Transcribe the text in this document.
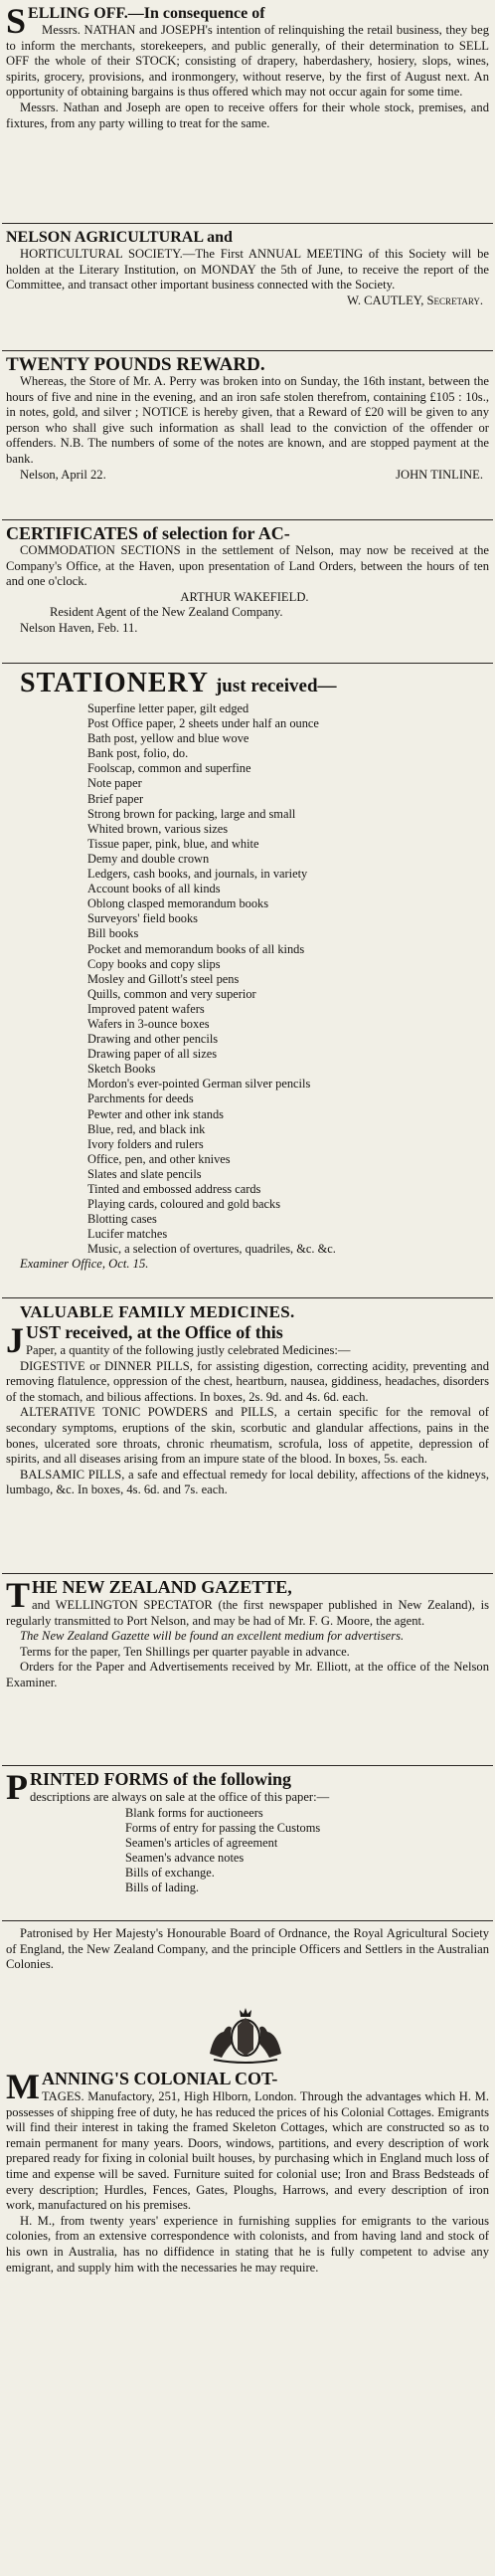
SELLING OFF.—In consequence of

Messrs. NATHAN and JOSEPH's intention of relinquishing the retail business, they beg to inform the merchants, storekeepers, and public generally, of their determination to SELL OFF the whole of their STOCK; consisting of drapery, haberdashery, hosiery, slops, wines, spirits, grocery, provisions, and ironmongery, without reserve, by the first of August next. An opportunity of obtaining bargains is thus offered which may not occur again for some time.

Messrs. Nathan and Joseph are open to receive offers for their whole stock, premises, and fixtures, from any party willing to treat for the same.

NELSON AGRICULTURAL and

HORTICULTURAL SOCIETY.—The First ANNUAL MEETING of this Society will be holden at the Literary Institution, on MONDAY the 5th of June, to receive the report of the Committee, and transact other important business connected with the Society.

W. CAUTLEY, Secretary.

TWENTY POUNDS REWARD.

Whereas, the Store of Mr. A. Perry was broken into on Sunday, the 16th instant, between the hours of five and nine in the evening, and an iron safe stolen therefrom, containing £105 : 10s., in notes, gold, and silver ; NOTICE is hereby given, that a Reward of £20 will be given to any person who shall give such information as shall lead to the conviction of the offender or offenders. N.B. The numbers of some of the notes are known, and are stopped payment at the bank.

Nelson, April 22.	JOHN TINLINE.

CERTIFICATES of selection for AC-

COMMODATION SECTIONS in the settlement of Nelson, may now be received at the Company's Office, at the Haven, upon presentation of Land Orders, between the hours of ten and one o'clock.

ARTHUR WAKEFIELD.

Resident Agent of the New Zealand Company.

Nelson Haven, Feb. 11.

STATIONERY just received—

Superfine letter paper, gilt edged
Post Office paper, 2 sheets under half an ounce
Bath post, yellow and blue wove
Bank post, folio, do.
Foolscap, common and superfine
Note paper
Brief paper
Strong brown for packing, large and small
Whited brown, various sizes
Tissue paper, pink, blue, and white
Demy and double crown
Ledgers, cash books, and journals, in variety
Account books of all kinds
Oblong clasped memorandum books
Surveyors' field books
Bill books
Pocket and memorandum books of all kinds
Copy books and copy slips
Mosley and Gillott's steel pens
Quills, common and very superior
Improved patent wafers
Wafers in 3-ounce boxes
Drawing and other pencils
Drawing paper of all sizes
Sketch Books
Mordon's ever-pointed German silver pencils
Parchments for deeds
Pewter and other ink stands
Blue, red, and black ink
Ivory folders and rulers
Office, pen, and other knives
Slates and slate pencils
Tinted and embossed address cards
Playing cards, coloured and gold backs
Blotting cases
Lucifer matches
Music, a selection of overtures, quadriles, &c. &c.

Examiner Office, Oct. 15.

VALUABLE FAMILY MEDICINES.

JUST received, at the Office of this

Paper, a quantity of the following justly celebrated Medicines:—

DIGESTIVE or DINNER PILLS, for assisting digestion, correcting acidity, preventing and removing flatulence, oppression of the chest, heartburn, nausea, giddiness, headaches, disorders of the stomach, and bilious affections. In boxes, 2s. 9d. and 4s. 6d. each.

ALTERATIVE TONIC POWDERS and PILLS, a certain specific for the removal of secondary symptoms, eruptions of the skin, scorbutic and glandular affections, pains in the bones, ulcerated sore throats, chronic rheumatism, scrofula, loss of appetite, depression of spirits, and all diseases arising from an impure state of the blood. In boxes, 5s. each.

BALSAMIC PILLS, a safe and effectual remedy for local debility, affections of the kidneys, lumbago, &c. In boxes, 4s. 6d. and 7s. each.

THE NEW ZEALAND GAZETTE,

and WELLINGTON SPECTATOR (the first newspaper published in New Zealand), is regularly transmitted to Port Nelson, and may be had of Mr. F. G. Moore, the agent.

The New Zealand Gazette will be found an excellent medium for advertisers.

Terms for the paper, Ten Shillings per quarter payable in advance.

Orders for the Paper and Advertisements received by Mr. Elliott, at the office of the Nelson Examiner.

PRINTED FORMS of the following

descriptions are always on sale at the office of this paper:—

Blank forms for auctioneers
Forms of entry for passing the Customs
Seamen's articles of agreement
Seamen's advance notes
Bills of exchange.
Bills of lading.

Patronised by Her Majesty's Honourable Board of Ordnance, the Royal Agricultural Society of England, the New Zealand Company, and the principle Officers and Settlers in the Australian Colonies.

MANNING'S COLONIAL COT-

TAGES. Manufactory, 251, High Hlborn, London. Through the advantages which H. M. possesses of shipping free of duty, he has reduced the prices of his Colonial Cottages. Emigrants will find their interest in taking the framed Skeleton Cottages, which are constructed so as to remain permanent for many years. Doors, windows, partitions, and every description of work prepared ready for fixing in colonial built houses, by purchasing which in England much loss of time and expense will be saved. Furniture suited for colonial use; Iron and Brass Bedsteads of every description; Hurdles, Fences, Gates, Ploughs, Harrows, and every description of iron work, manufactured on his premises.

H. M., from twenty years' experience in furnishing supplies for emigrants to the various colonies, from an extensive correspondence with colonists, and from having land and stock of his own in Australia, has no diffidence in stating that he is fully competent to advise any emigrant, and supply him with the necessaries he may require.
